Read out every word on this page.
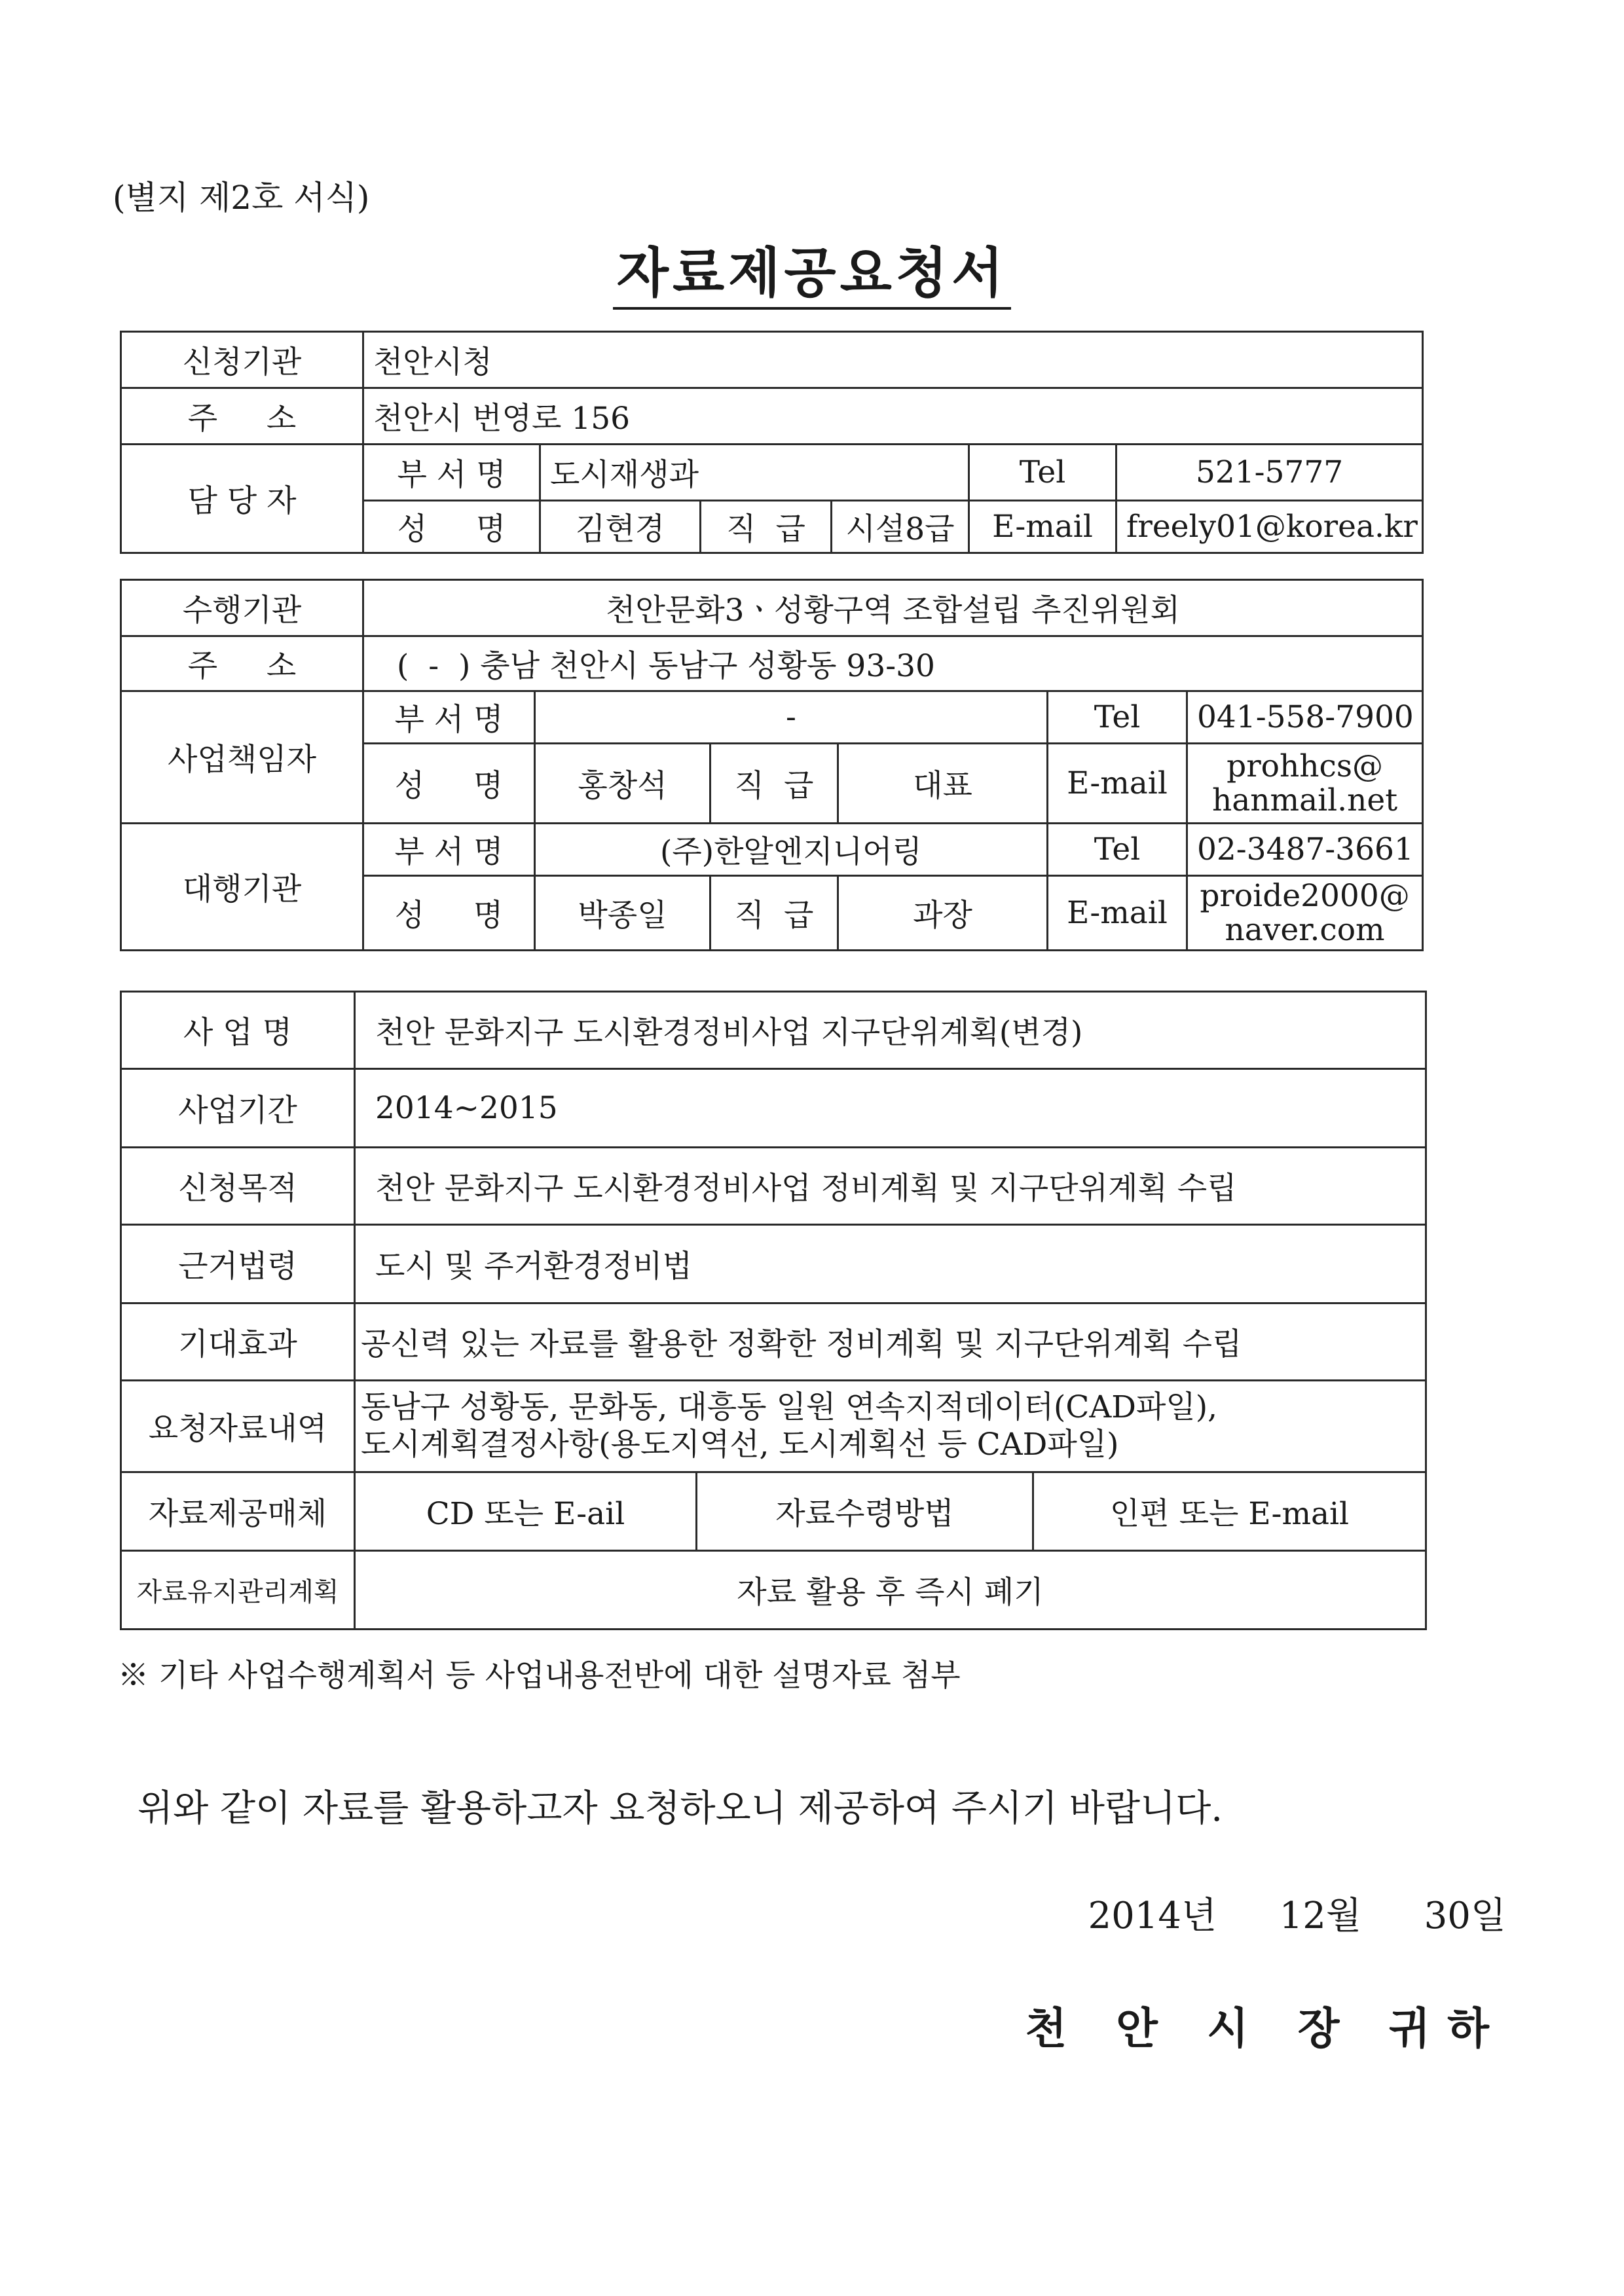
(별지 제2호 서식)
자료제공요청서
신청기관	천안시청					
주     소	천안시 번영로 156					
담 당 자	부 서 명	도시재생과			Tel	521-5777
	성     명	김현경	직  급	시설8급	E-mail	freely01@korea.kr
수행기관	천안문화3ㆍ성황구역 조합설립 추진위원회					
주     소	(  -  ) 충남 천안시 동남구 성황동 93-30					
사업책임자	부 서 명	-			Tel	041-558-7900
	성     명	홍창석	직  급	대표	E-mail	prohhcs@
hanmail.net

대행기관	부 서 명	(주)한알엔지니어링			Tel	02-3487-3661
	성     명	박종일	직  급	과장	E-mail	proide2000@
naver.com
사 업 명	천안 문화지구 도시환경정비사업 지구단위계획(변경)		
사업기간	2014~2015		
신청목적	천안 문화지구 도시환경정비사업 정비계획 및 지구단위계획 수립		
근거법령	도시 및 주거환경정비법		
기대효과	공신력 있는 자료를 활용한 정확한 정비계획 및 지구단위계획 수립		
요청자료내역	동남구 성황동, 문화동, 대흥동 일원 연속지적데이터(CAD파일),
도시계획결정사항(용도지역선, 도시계획선 등 CAD파일)		

자료제공매체	CD 또는 E-ail	자료수령방법	인편 또는 E-mail
자료유지관리계획	자료 활용 후 즉시 폐기		
※ 기타 사업수행계획서 등 사업내용전반에 대한 설명자료 첨부
위와 같이 자료를 활용하고자 요청하오니 제공하여 주시기 바랍니다.
2014년  12월  30일
천 안 시 장 귀하
